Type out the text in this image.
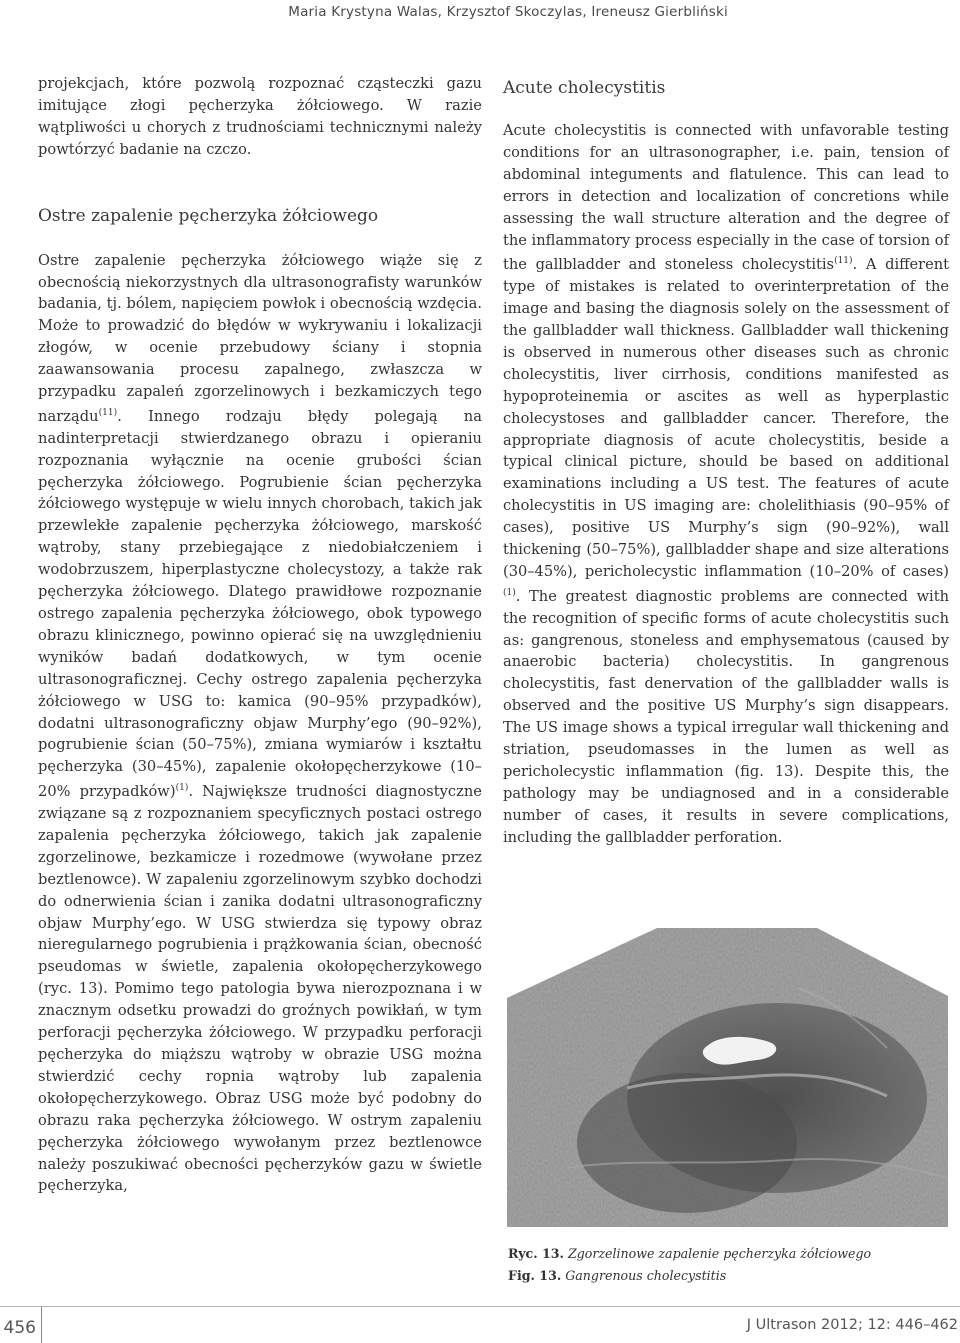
Maria Krystyna Walas, Krzysztof Skoczylas, Ireneusz Gierbliński

projekcjach, które pozwolą rozpoznać cząsteczki gazu imitujące złogi pęcherzyka żółciowego. W razie wątpliwości u chorych z trudnościami technicznymi należy powtórzyć badanie na czczo.

Ostre zapalenie pęcherzyka żółciowego

Ostre zapalenie pęcherzyka żółciowego wiąże się z obecnością niekorzystnych dla ultrasonografisty warunków badania, tj. bólem, napięciem powłok i obecnością wzdęcia. Może to prowadzić do błędów w wykrywaniu i lokalizacji złogów, w ocenie przebudowy ściany i stopnia zaawansowania procesu zapalnego, zwłaszcza w przypadku zapaleń zgorzelinowych i bezkamiczych tego narządu$^{(11)}$. Innego rodzaju błędy polegają na nadinterpretacji stwierdzanego obrazu i opieraniu rozpoznania wyłącznie na ocenie grubości ścian pęcherzyka żółciowego. Pogrubienie ścian pęcherzyka żółciowego występuje w wielu innych chorobach, takich jak przewlekłe zapalenie pęcherzyka żółciowego, marskość wątroby, stany przebiegające z niedobiałczeniem i wodobrzuszem, hiperplastyczne cholecystozy, a także rak pęcherzyka żółciowego. Dlatego prawidłowe rozpoznanie ostrego zapalenia pęcherzyka żółciowego, obok typowego obrazu klinicznego, powinno opierać się na uwzględnieniu wyników badań dodatkowych, w tym ocenie ultrasonograficznej. Cechy ostrego zapalenia pęcherzyka żółciowego w USG to: kamica (90–95% przypadków), dodatni ultrasonograficzny objaw Murphy’ego (90–92%), pogrubienie ścian (50–75%), zmiana wymiarów i kształtu pęcherzyka (30–45%), zapalenie okołopęcherzykowe (10–20% przypadków)$^{(1)}$. Największe trudności diagnostyczne związane są z rozpoznaniem specyficznych postaci ostrego zapalenia pęcherzyka żółciowego, takich jak zapalenie zgorzelinowe, bezkamicze i rozedmowe (wywołane przez beztlenowce). W zapaleniu zgorzelinowym szybko dochodzi do odnerwienia ścian i zanika dodatni ultrasonograficzny objaw Murphy’ego. W USG stwierdza się typowy obraz nieregularnego pogrubienia i prążkowania ścian, obecność pseudomas w świetle, zapalenia okołopęcherzykowego (ryc. 13). Pomimo tego patologia bywa nierozpoznana i w znacznym odsetku prowadzi do groźnych powikłań, w tym perforacji pęcherzyka żółciowego. W przypadku perforacji pęcherzyka do miąższu wątroby w obrazie USG można stwierdzić cechy ropnia wątroby lub zapalenia okołopęcherzykowego. Obraz USG może być podobny do obrazu raka pęcherzyka żółciowego. W ostrym zapaleniu pęcherzyka żółciowego wywołanym przez beztlenowce należy poszukiwać obecności pęcherzyków gazu w świetle pęcherzyka,

Acute cholecystitis

Acute cholecystitis is connected with unfavorable testing conditions for an ultrasonographer, i.e. pain, tension of abdominal integuments and flatulence. This can lead to errors in detection and localization of concretions while assessing the wall structure alteration and the degree of the inflammatory process especially in the case of torsion of the gallbladder and stoneless cholecystitis$^{(11)}$. A different type of mistakes is related to overinterpretation of the image and basing the diagnosis solely on the assessment of the gallbladder wall thickness. Gallbladder wall thickening is observed in numerous other diseases such as chronic cholecystitis, liver cirrhosis, conditions manifested as hypoproteinemia or ascites as well as hyperplastic cholecystoses and gallbladder cancer. Therefore, the appropriate diagnosis of acute cholecystitis, beside a typical clinical picture, should be based on additional examinations including a US test. The features of acute cholecystitis in US imaging are: cholelithiasis (90–95% of cases), positive US Murphy’s sign (90–92%), wall thickening (50–75%), gallbladder shape and size alterations (30–45%), pericholecystic inflammation (10–20% of cases)$^{(1)}$. The greatest diagnostic problems are connected with the recognition of specific forms of acute cholecystitis such as: gangrenous, stoneless and emphysematous (caused by anaerobic bacteria) cholecystitis. In gangrenous cholecystitis, fast denervation of the gallbladder walls is observed and the positive US Murphy’s sign disappears. The US image shows a typical irregular wall thickening and striation, pseudomasses in the lumen as well as pericholecystic inflammation (fig. 13). Despite this, the pathology may be undiagnosed and in a considerable number of cases, it results in severe complications, including the gallbladder perforation.

Ryc. 13. Zgorzelinowe zapalenie pęcherzyka żółciowego
Fig. 13. Gangrenous cholecystitis
456	J Ultrason 2012; 12: 446–462
